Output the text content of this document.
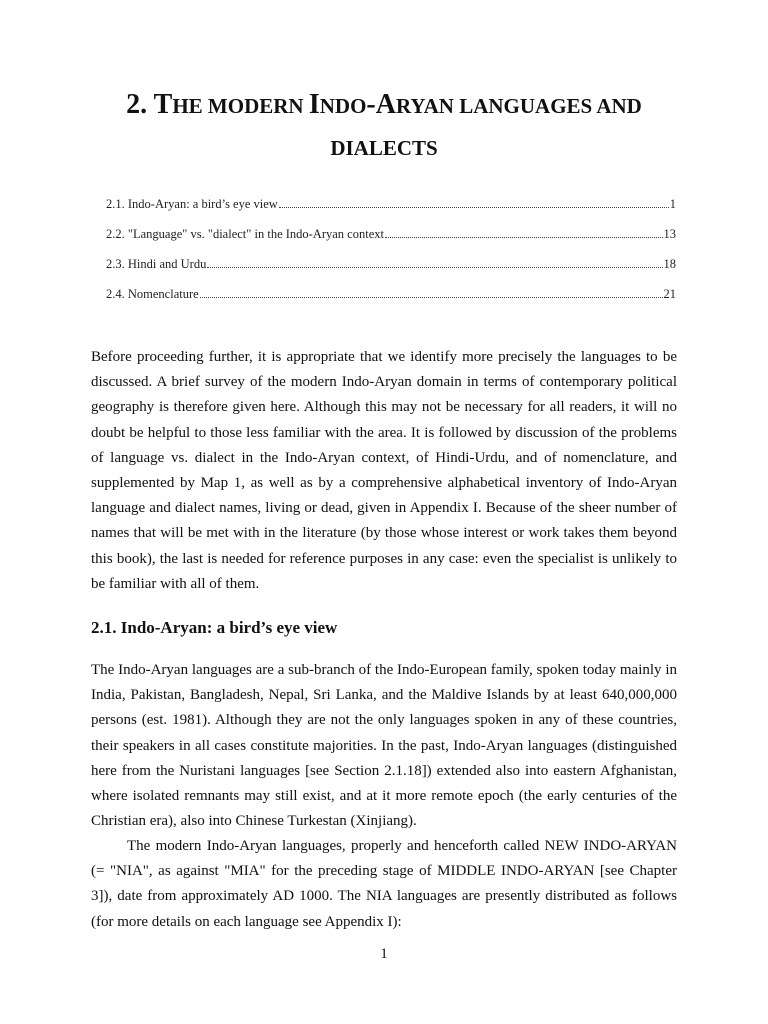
2. THE MODERN INDO-ARYAN LANGUAGES AND
DIALECTS
2.1. Indo-Aryan: a bird’s eye view	1
2.2. "Language" vs. "dialect" in the Indo-Aryan context	13
2.3. Hindi and Urdu	18
2.4. Nomenclature	21

Before proceeding further, it is appropriate that we identify more precisely the languages to be discussed. A brief survey of the modern Indo-Aryan domain in terms of contemporary political geography is therefore given here. Although this may not be necessary for all readers, it will no doubt be helpful to those less familiar with the area. It is followed by discussion of the problems of language vs. dialect in the Indo-Aryan context, of Hindi-Urdu, and of nomenclature, and supplemented by Map 1, as well as by a comprehensive alphabetical inventory of Indo-Aryan language and dialect names, living or dead, given in Appendix I. Because of the sheer number of names that will be met with in the literature (by those whose interest or work takes them beyond this book), the last is needed for reference purposes in any case: even the specialist is unlikely to be familiar with all of them.

2.1. Indo-Aryan: a bird’s eye view

The Indo-Aryan languages are a sub-branch of the Indo-European family, spoken today mainly in India, Pakistan, Bangladesh, Nepal, Sri Lanka, and the Maldive Islands by at least 640,000,000 persons (est. 1981). Although they are not the only languages spoken in any of these countries, their speakers in all cases constitute majorities. In the past, Indo-Aryan languages (distinguished here from the Nuristani languages [see Section 2.1.18]) extended also into eastern Afghanistan, where isolated remnants may still exist, and at it more remote epoch (the early centuries of the Christian era), also into Chinese Turkestan (Xinjiang).

The modern Indo-Aryan languages, properly and henceforth called NEW INDO-ARYAN (= "NIA", as against "MIA" for the preceding stage of MIDDLE INDO-ARYAN [see Chapter 3]), date from approximately AD 1000. The NIA languages are presently distributed as follows (for more details on each language see Appendix I):

1
